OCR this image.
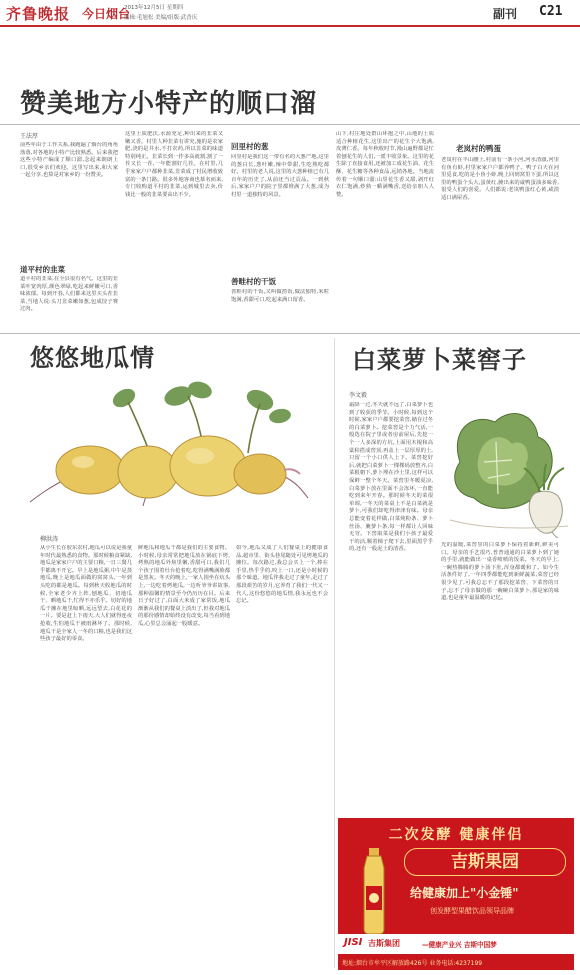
齐鲁晚报 今日烟台
2013年12月5日 星期四
编辑:毛旭松 美编/组版:武香庆	副刊 C21
赞美地方小特产的顺口溜
王法厚

前些年由于工作关系,我跑遍了烟台的角角落落,对各地的小特产比较熟悉。后来我把这些小特产编成了顺口溜,念起来朗朗上口,很受乡亲们欢迎。这里写出来,和大家一起分享,也算是对家乡的一份赞美。

道平村的韭菜

道平村的韭菜,在全县很有名气。这里的韭菜叶宽肉厚,颜色翠绿,吃起来鲜嫩可口,香味浓郁。每到开春,人们都来这里买头茬韭菜,当地人说:头刀韭菜嫩如葱,包成饺子赛过肉。

这里土质肥沃,水源充足,种出来的韭菜又嫩又香。村里人种韭菜有讲究,施的是农家肥,浇的是井水,不打农药,所以韭菜的味道特别纯正。韭菜长到一拃多高就割,割了一茬又长一茬,一年能割好几茬。在村里,几乎家家户户都种韭菜,韭菜成了村民增收致富的一条门路。很多外地客商也慕名而来,专门收购道平村的韭菜,运到城里去卖,价钱比一般的韭菜要高出不少。

回里村的葱

回里村是我们这一带有名的大葱产地,这里的葱白长,葱叶嫩,辣中带甜,生吃熟吃都好。村里的老人说,这里的大葱种植已有几百年的历史了,从前还当过贡品。一到秋后,家家户户的院子里都堆满了大葱,成为村里一道独特的风景。

善畦村的干饭

善畦村的干饭,又叫做捞饭,做法独特,米粒饱满,香甜可口,吃起来满口留香。

山下,村庄地处群山环抱之中,山地的土质适合种植花生,这里出产的花生个大饱满,皮薄仁香。每年秋收时节,漫山遍野都是忙着刨花生的人们,一派丰收景象。这里的花生除了直接食用,还被加工成花生油、花生酥、花生糖等各种食品,远销各地。当地流传着一句顺口溜:山里花生香又甜,剥开红衣仁饱满,炒熟一嚼满嘴香,送给亲朋人人赞。

老岚村的鸭蛋

老岚村在半山腰上,村前有一条小河,河水清澈,河里有鱼有虾,村里家家户户都养鸭子。鸭子白天在河里觅食,吃的是小鱼小虾,晚上回到窝里下蛋,所以这里的鸭蛋个头大,蛋黄红,腌出来的咸鸭蛋油多味香,很受人们的喜爱。人们都说:老岚鸭蛋红心黄,咸淡适口满屋香。

悠悠地瓜情
柳洪涛

从小生长在胶东农村,地瓜可以说是我童年时代最熟悉的食物。那时候粮食紧缺,地瓜是家家户户的主要口粮,一日三餐几乎都离不开它。早上是地瓜粥,中午是蒸地瓜,晚上是地瓜面做的窝窝头,一年到头吃的都是地瓜。每到秋天收地瓜的时候,全家老少齐上阵,刨地瓜、切地瓜干、晒地瓜干,忙得不亦乐乎。切好的地瓜干摊在地里晾晒,远远望去,白花花的一片。要是赶上下雨天,大人们就得连夜抢收,生怕地瓜干被雨淋坏了。那时候,地瓜干是全家人一冬的口粮,也是我们这些孩子最好的零食。

鲜地瓜和地瓜干都是我们的主要食物。小时候,母亲常常把地瓜放在锅底下烤,烤熟的地瓜外焦里嫩,香甜可口,我们几个孩子围着灶台抢着吃,吃得满嘴满脸都是黑灰。冬天的晚上,一家人围坐在炕头上,一边吃着烤地瓜,一边听爷爷讲故事,那种温馨的情景至今仍历历在目。后来日子好过了,白面大米成了家常饭,地瓜渐渐从我们的餐桌上淡出了,但我对地瓜的那份感情却始终没有改变,每当看到地瓜,心里总会涌起一股暖意。

如今,地瓜又成了人们餐桌上的健康食品,超市里、街头巷尾随处可见烤地瓜的摊位。每次路过,我总会买上一个,捧在手里,热乎乎的,咬上一口,还是小时候的那个味道。地瓜伴我走过了童年,走过了那段艰苦的岁月,它养育了我们一代又一代人,这份悠悠的地瓜情,我永远也不会忘记。

白菜萝卜菜窖子
李文毅

霜降一过,冬天就不远了,白菜萝卜也到了收获的季节。小时候,每到这个时候,家家户户都要挖菜窖,储存过冬的白菜萝卜。挖菜窖是个力气活,一般选在院子里或者房前屋后,先挖一个一人多深的方坑,上面用木棍和高粱秸搭成窖顶,再盖上一层厚厚的土,只留一个小口供人上下。菜窖挖好后,就把白菜萝卜一棵棵码放整齐,白菜根朝下,萝卜埋在沙土里,这样可以保鲜一整个冬天。菜窖里冬暖夏凉,白菜萝卜放在里面不会冻坏,一直能吃到来年开春。那时候冬天的菜很单调,一冬天的菜桌上不是白菜就是萝卜,可我们却吃得津津有味。母亲总能变着花样做,白菜炖粉条、萝卜丝汤、腌萝卜条,每一样都让人回味无穷。下窖取菜是我们小孩子最爱干的活,顺着梯子爬下去,里面黑乎乎的,还有一股泥土的清香。

光的温暖,菜窖里的白菜萝卜保持着新鲜,鲜美可口。母亲的手艺很巧,普普通通的白菜萝卜到了她的手里,就能做出一桌香喷喷的饭菜。冬天的早上,一碗热腾腾的萝卜汤下肚,浑身都暖和了。如今生活条件好了,一年四季都能吃到新鲜蔬菜,菜窖已经很少见了,可我总忘不了那段挖菜窖、下菜窖的日子,忘不了母亲做的那一碗碗白菜萝卜,那是家的味道,也是童年最温暖的记忆。

二次发酵 健康伴侣
吉斯果园
给健康加上"小金锤"
创发酵型果醋饮品领导品牌
JISI 吉斯集团	—健康产业兴 吉斯中国梦
地址:烟台市牟平区解放路426号 业务电话:4237199
